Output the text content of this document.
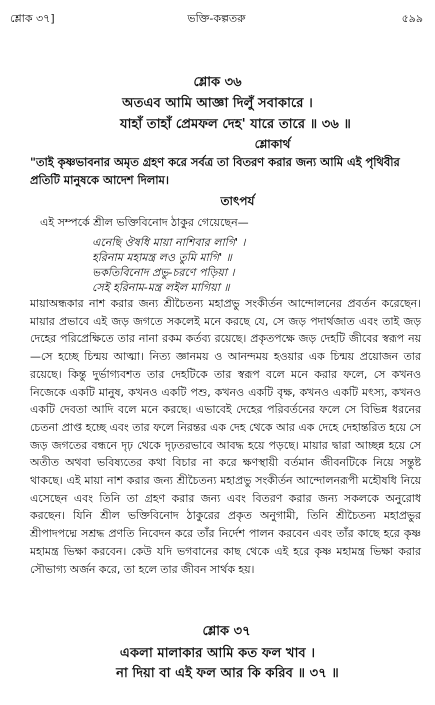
শ্লোক ৩৭]	ভক্তি-কল্পতরু	৫৯৯
শ্লোক ৩৬
অতএব আমি আজ্ঞা দিলুঁ সবাকারে ।
যাহাঁ তাহাঁ প্রেমফল দেহ' যারে তারে ॥ ৩৬ ॥
শ্লোকার্থ
"তাই কৃষ্ণভাবনার অমৃত গ্রহণ করে সর্বত্র তা বিতরণ করার জন্য আমি এই পৃথিবীর প্রতিটি মানুষকে আদেশ দিলাম।
তাৎপর্য
এই সম্পর্কে শ্রীল ভক্তিবিনোদ ঠাকুর গেয়েছেন—
এনেছি ঔষধি মায়া নাশিবার লাগি' ।
হরিনাম মহামন্ত্র লও তুমি মাগি' ॥
ভকতিবিনোদ প্রভু-চরণে পড়িয়া ।
সেই হরিনাম-মন্ত্র লইল মাগিয়া ॥
মায়াঅন্ধকার নাশ করার জন্য শ্রীচৈতন্য মহাপ্রভু সংকীর্তন আন্দোলনের প্রবর্তন করেছেন। মায়ার প্রভাবে এই জড় জগতে সকলেই মনে করছে যে, সে জড় পদার্থজাত এবং তাই জড় দেহের পরিপ্রেক্ষিতে তার নানা রকম কর্তব্য রয়েছে। প্রকৃতপক্ষে জড় দেহটি জীবের স্বরূপ নয়—সে হচ্ছে চিন্ময় আত্মা। নিত্য জ্ঞানময় ও আনন্দময় হওয়ার এক চিন্ময় প্রয়োজন তার রয়েছে। কিন্তু দুর্ভাগ্যবশত তার দেহটিকে তার স্বরূপ বলে মনে করার ফলে, সে কখনও নিজেকে একটি মানুষ, কখনও একটি পশু, কখনও একটি বৃক্ষ, কখনও একটি মৎস্য, কখনও একটি দেবতা আদি বলে মনে করছে। এভাবেই দেহের পরিবর্তনের ফলে সে বিভিন্ন ধরনের চেতনা প্রাপ্ত হচ্ছে এবং তার ফলে নিরন্তর এক দেহ থেকে আর এক দেহে দেহান্তরিত হয়ে সে জড় জগতের বন্ধনে দৃঢ় থেকে দৃঢ়তরভাবে আবদ্ধ হয়ে পড়ছে। মায়ার দ্বারা আচ্ছন্ন হয়ে সে অতীত অথবা ভবিষ্যতের কথা বিচার না করে ক্ষণস্থায়ী বর্তমান জীবনটিকে নিয়ে সন্তুষ্ট থাকছে। এই মায়া নাশ করার জন্য শ্রীচৈতন্য মহাপ্রভু সংকীর্তন আন্দোলনরূপী মহৌষধি নিয়ে এসেছেন এবং তিনি তা গ্রহণ করার জন্য এবং বিতরণ করার জন্য সকলকে অনুরোধ করছেন। যিনি শ্রীল ভক্তিবিনোদ ঠাকুরের প্রকৃত অনুগামী, তিনি শ্রীচৈতন্য মহাপ্রভুর শ্রীপাদপদ্মে সশ্রদ্ধ প্রণতি নিবেদন করে তাঁর নির্দেশ পালন করবেন এবং তাঁর কাছে হরে কৃষ্ণ মহামন্ত্র ভিক্ষা করবেন। কেউ যদি ভগবানের কাছ থেকে এই হরে কৃষ্ণ মহামন্ত্র ভিক্ষা করার সৌভাগ্য অর্জন করে, তা হলে তার জীবন সার্থক হয়।
শ্লোক ৩৭
একলা মালাকার আমি কত ফল খাব ।
না দিয়া বা এই ফল আর কি করিব ॥ ৩৭ ॥
